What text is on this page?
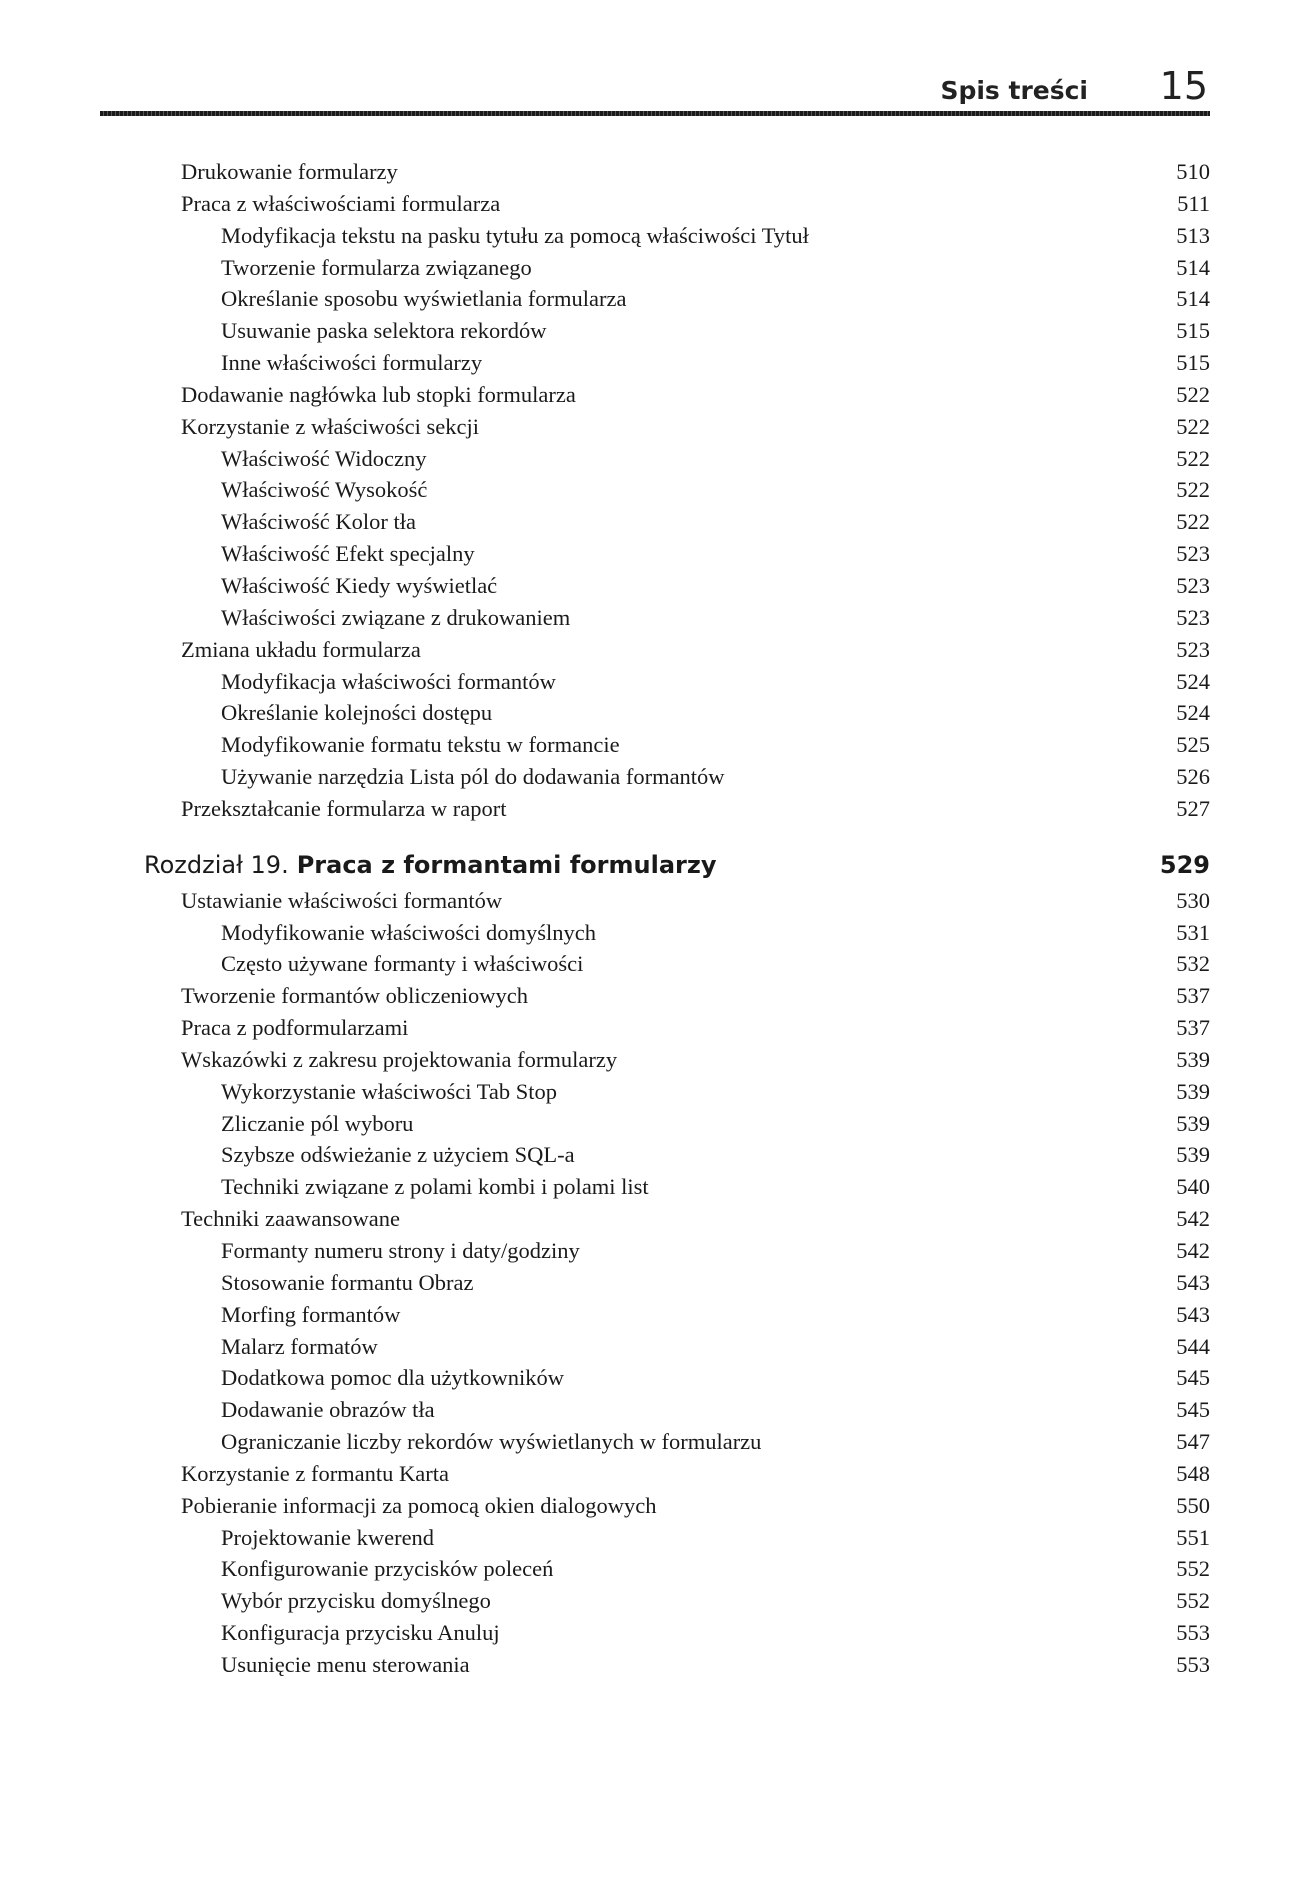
Spis treści 15
Drukowanie formularzy	510
Praca z właściwościami formularza	511
Modyfikacja tekstu na pasku tytułu za pomocą właściwości Tytuł	513
Tworzenie formularza związanego	514
Określanie sposobu wyświetlania formularza	514
Usuwanie paska selektora rekordów	515
Inne właściwości formularzy	515
Dodawanie nagłówka lub stopki formularza	522
Korzystanie z właściwości sekcji	522
Właściwość Widoczny	522
Właściwość Wysokość	522
Właściwość Kolor tła	522
Właściwość Efekt specjalny	523
Właściwość Kiedy wyświetlać	523
Właściwości związane z drukowaniem	523
Zmiana układu formularza	523
Modyfikacja właściwości formantów	524
Określanie kolejności dostępu	524
Modyfikowanie formatu tekstu w formancie	525
Używanie narzędzia Lista pól do dodawania formantów	526
Przekształcanie formularza w raport	527
Rozdział 19. Praca z formantami formularzy	529
Ustawianie właściwości formantów	530
Modyfikowanie właściwości domyślnych	531
Często używane formanty i właściwości	532
Tworzenie formantów obliczeniowych	537
Praca z podformularzami	537
Wskazówki z zakresu projektowania formularzy	539
Wykorzystanie właściwości Tab Stop	539
Zliczanie pól wyboru	539
Szybsze odświeżanie z użyciem SQL-a	539
Techniki związane z polami kombi i polami list	540
Techniki zaawansowane	542
Formanty numeru strony i daty/godziny	542
Stosowanie formantu Obraz	543
Morfing formantów	543
Malarz formatów	544
Dodatkowa pomoc dla użytkowników	545
Dodawanie obrazów tła	545
Ograniczanie liczby rekordów wyświetlanych w formularzu	547
Korzystanie z formantu Karta	548
Pobieranie informacji za pomocą okien dialogowych	550
Projektowanie kwerend	551
Konfigurowanie przycisków poleceń	552
Wybór przycisku domyślnego	552
Konfiguracja przycisku Anuluj	553
Usunięcie menu sterowania	553
